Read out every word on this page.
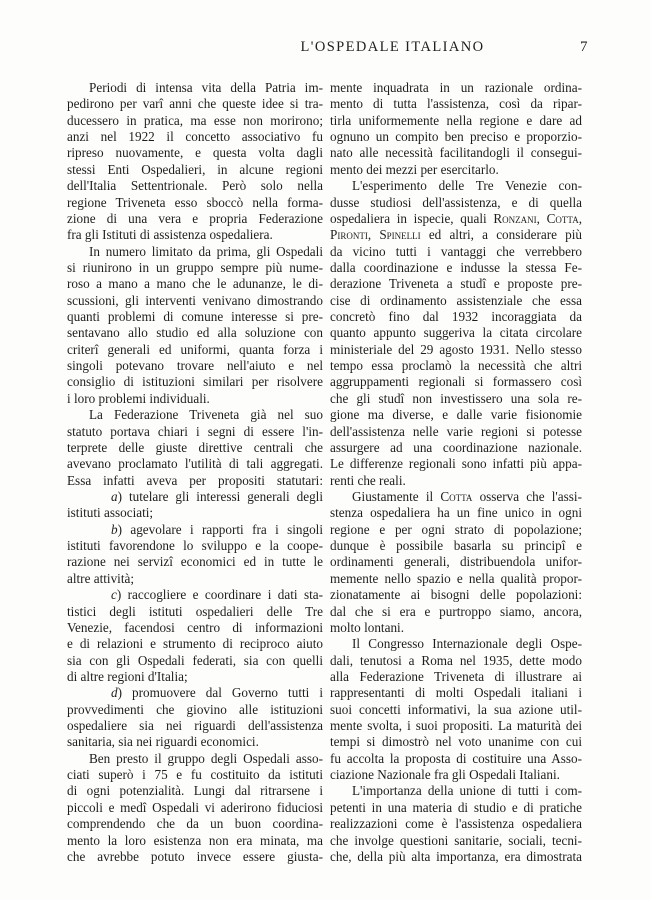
L'OSPEDALE ITALIANO	7
Periodi di intensa vita della Patria im-
pedirono per varî anni che queste idee si tra-
ducessero in pratica, ma esse non morirono;
anzi nel 1922 il concetto associativo fu
ripreso nuovamente, e questa volta dagli
stessi Enti Ospedalieri, in alcune regioni
dell'Italia Settentrionale. Però solo nella
regione Triveneta esso sboccò nella forma-
zione di una vera e propria Federazione
fra gli Istituti di assistenza ospedaliera.
In numero limitato da prima, gli Ospedali
si riunirono in un gruppo sempre più nume-
roso a mano a mano che le adunanze, le di-
scussioni, gli interventi venivano dimostrando
quanti problemi di comune interesse si pre-
sentavano allo studio ed alla soluzione con
criterî generali ed uniformi, quanta forza i
singoli potevano trovare nell'aiuto e nel
consiglio di istituzioni similari per risolvere
i loro problemi individuali.
La Federazione Triveneta già nel suo
statuto portava chiari i segni di essere l'in-
terprete delle giuste direttive centrali che
avevano proclamato l'utilità di tali aggregati.
Essa infatti aveva per propositi statutari:
a) tutelare gli interessi generali degli
istituti associati;
b) agevolare i rapporti fra i singoli
istituti favorendone lo sviluppo e la coope-
razione nei servizî economici ed in tutte le
altre attività;
c) raccogliere e coordinare i dati sta-
tistici degli istituti ospedalieri delle Tre
Venezie, facendosi centro di informazioni
e di relazioni e strumento di reciproco aiuto
sia con gli Ospedali federati, sia con quelli
di altre regioni d'Italia;
d) promuovere dal Governo tutti i
provvedimenti che giovino alle istituzioni
ospedaliere sia nei riguardi dell'assistenza
sanitaria, sia nei riguardi economici.
Ben presto il gruppo degli Ospedali asso-
ciati superò i 75 e fu costituito da istituti
di ogni potenzialità. Lungi dal ritrarsene i
piccoli e medî Ospedali vi aderirono fiduciosi
comprendendo che da un buon coordina-
mento la loro esistenza non era minata, ma
che avrebbe potuto invece essere giusta-
mente inquadrata in un razionale ordina-
mento di tutta l'assistenza, così da ripar-
tirla uniformemente nella regione e dare ad
ognuno un compito ben preciso e proporzio-
nato alle necessità facilitandogli il consegui-
mento dei mezzi per esercitarlo.
L'esperimento delle Tre Venezie con-
dusse studiosi dell'assistenza, e di quella
ospedaliera in ispecie, quali Ronzani, Cotta,
Pironti, Spinelli ed altri, a considerare più
da vicino tutti i vantaggi che verrebbero
dalla coordinazione e indusse la stessa Fe-
derazione Triveneta a studî e proposte pre-
cise di ordinamento assistenziale che essa
concretò fino dal 1932 incoraggiata da
quanto appunto suggeriva la citata circolare
ministeriale del 29 agosto 1931. Nello stesso
tempo essa proclamò la necessità che altri
aggruppamenti regionali si formassero così
che gli studî non investissero una sola re-
gione ma diverse, e dalle varie fisionomie
dell'assistenza nelle varie regioni si potesse
assurgere ad una coordinazione nazionale.
Le differenze regionali sono infatti più appa-
renti che reali.
Giustamente il Cotta osserva che l'assi-
stenza ospedaliera ha un fine unico in ogni
regione e per ogni strato di popolazione;
dunque è possibile basarla su principî e
ordinamenti generali, distribuendola unifor-
memente nello spazio e nella qualità propor-
zionatamente ai bisogni delle popolazioni:
dal che si era e purtroppo siamo, ancora,
molto lontani.
Il Congresso Internazionale degli Ospe-
dali, tenutosi a Roma nel 1935, dette modo
alla Federazione Triveneta di illustrare ai
rappresentanti di molti Ospedali italiani i
suoi concetti informativi, la sua azione util-
mente svolta, i suoi propositi. La maturità dei
tempi si dimostrò nel voto unanime con cui
fu accolta la proposta di costituire una Asso-
ciazione Nazionale fra gli Ospedali Italiani.
L'importanza della unione di tutti i com-
petenti in una materia di studio e di pratiche
realizzazioni come è l'assistenza ospedaliera
che involge questioni sanitarie, sociali, tecni-
che, della più alta importanza, era dimostrata
